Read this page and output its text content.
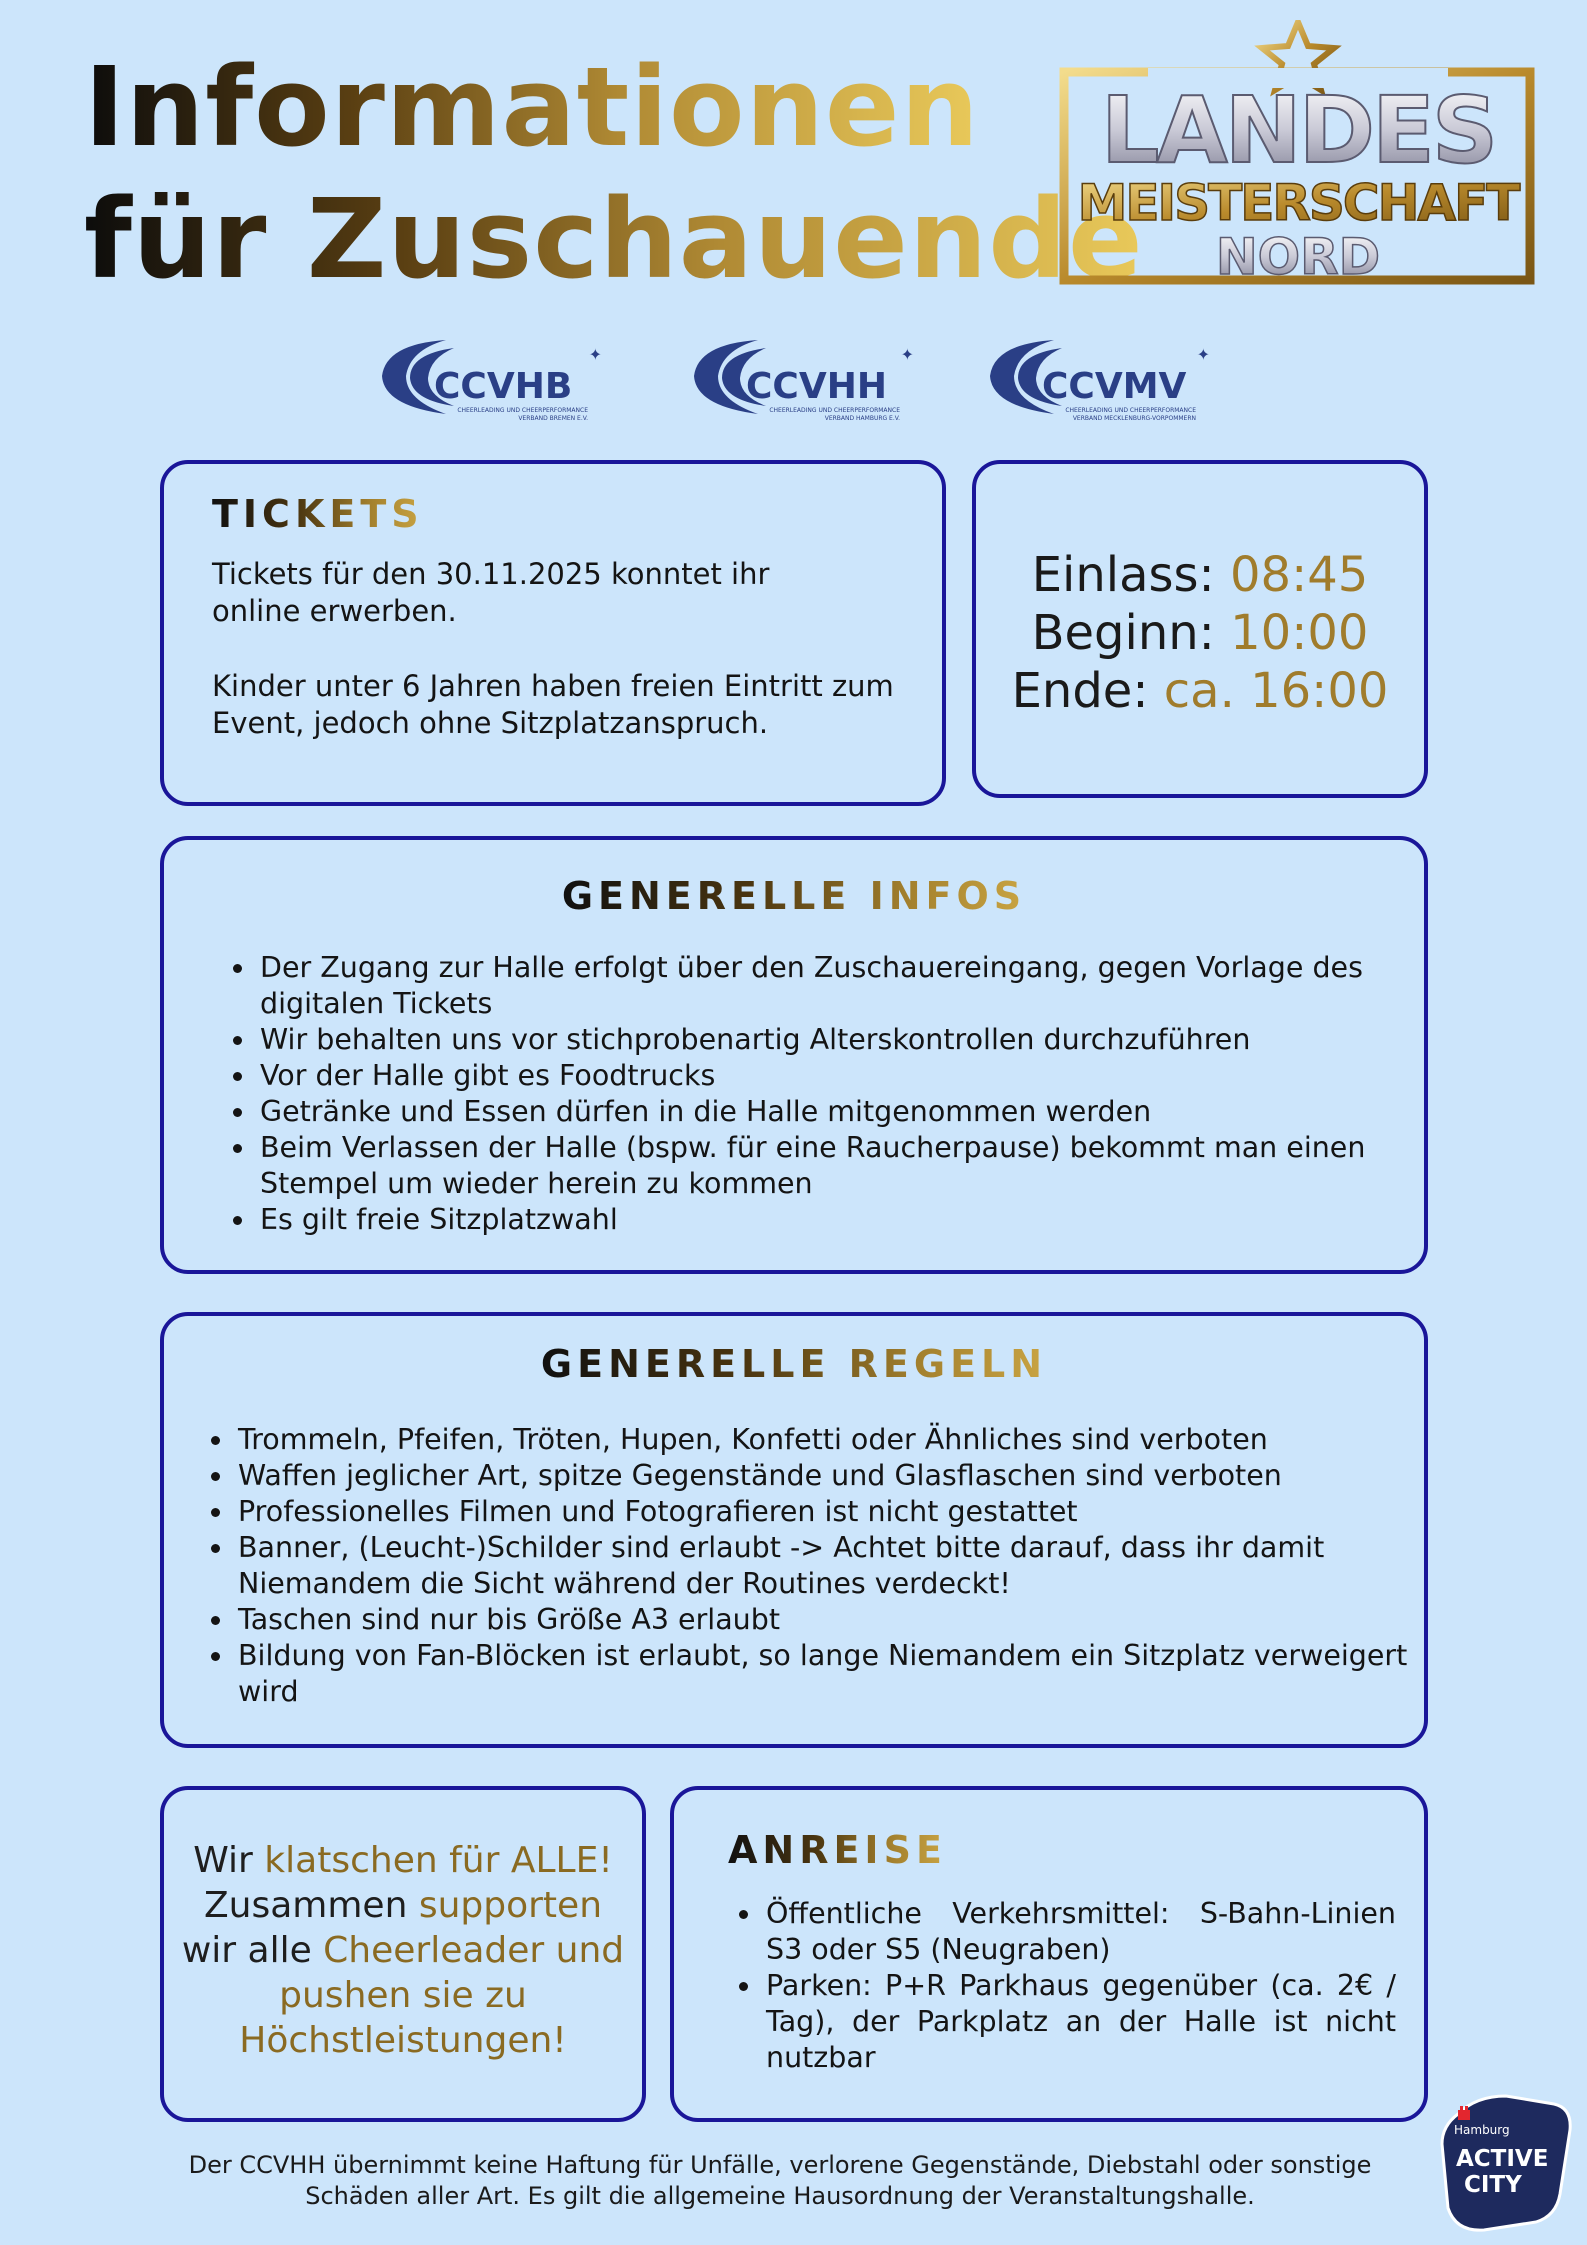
Informationen
für Zuschauende
LANDES
MEISTERSCHAFT
NORD
CCVHB
✦
CHEERLEADING UND CHEERPERFORMANCE
VERBAND BREMEN E.V.
CCVHH
✦
CHEERLEADING UND CHEERPERFORMANCE
VERBAND HAMBURG E.V.
CCVMV
✦
CHEERLEADING UND CHEERPERFORMANCE
VERBAND MECKLENBURG-VORPOMMERN
TICKETS
Tickets für den 30.11.2025 konntet ihr online erwerben.
Kinder unter 6 Jahren haben freien Eintritt zum Event, jedoch ohne Sitzplatzanspruch.
Einlass: 08:45
Beginn: 10:00
Ende: ca. 16:00
GENERELLE INFOS
Der Zugang zur Halle erfolgt über den Zuschauereingang, gegen Vorlage des digitalen Tickets
Wir behalten uns vor stichprobenartig Alterskontrollen durchzuführen
Vor der Halle gibt es Foodtrucks
Getränke und Essen dürfen in die Halle mitgenommen werden
Beim Verlassen der Halle (bspw. für eine Raucherpause) bekommt man einen Stempel um wieder herein zu kommen
Es gilt freie Sitzplatzwahl
GENERELLE REGELN
Trommeln, Pfeifen, Tröten, Hupen, Konfetti oder Ähnliches sind verboten
Waffen jeglicher Art, spitze Gegenstände und Glasflaschen sind verboten
Professionelles Filmen und Fotografieren ist nicht gestattet
Banner, (Leucht-)Schilder sind erlaubt -> Achtet bitte darauf, dass ihr damit Niemandem die Sicht während der Routines verdeckt!
Taschen sind nur bis Größe A3 erlaubt
Bildung von Fan-Blöcken ist erlaubt, so lange Niemandem ein Sitzplatz verweigert wird
Wir klatschen für ALLE!
Zusammen supporten
wir alle Cheerleader und
pushen sie zu
Höchstleistungen!
ANREISE
Öffentliche Verkehrsmittel: S-Bahn-Linien S3 oder S5 (Neugraben)
Parken: P+R Parkhaus gegenüber (ca. 2€ / Tag), der Parkplatz an der Halle ist nicht nutzbar
Der CCVHH übernimmt keine Haftung für Unfälle, verlorene Gegenstände, Diebstahl oder sonstige Schäden aller Art. Es gilt die allgemeine Hausordnung der Veranstaltungshalle.
Hamburg
ACTIVE
CITY
